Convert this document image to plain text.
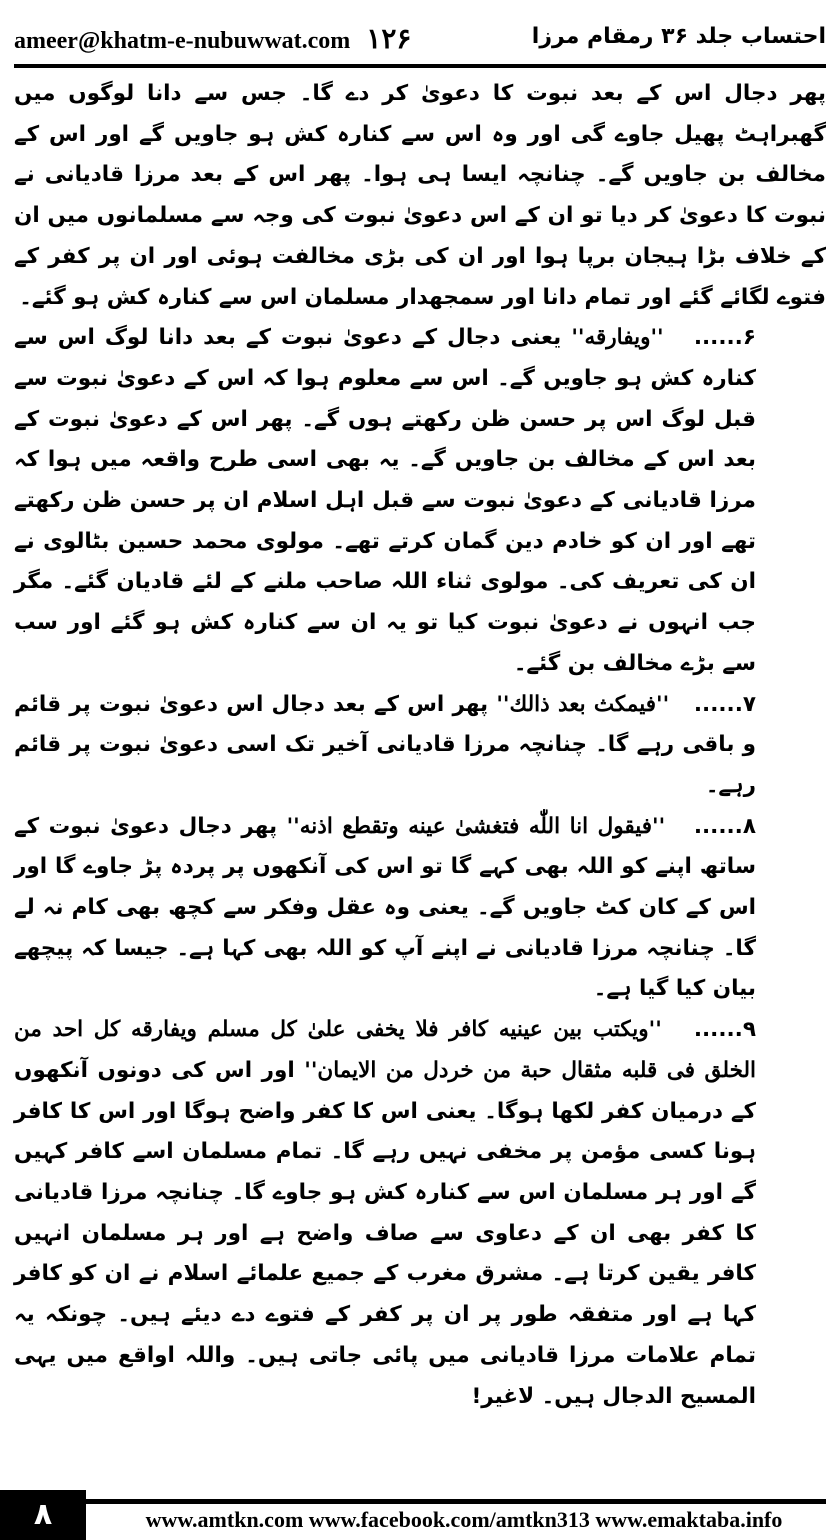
ameer@khatm-e-nubuwwat.com ۱۲۶	احتساب جلد ۳۶ رمقام مرزا

پھر دجال اس کے بعد نبوت کا دعویٰ کر دے گا۔ جس سے دانا لوگوں میں گھبراہٹ پھیل جاوے گی اور وہ اس سے کنارہ کش ہو جاویں گے اور اس کے مخالف بن جاویں گے۔ چنانچہ ایسا ہی ہوا۔ پھر اس کے بعد مرزا قادیانی نے نبوت کا دعویٰ کر دیا تو ان کے اس دعویٰ نبوت کی وجہ سے مسلمانوں میں ان کے خلاف بڑا ہیجان برپا ہوا اور ان کی بڑی مخالفت ہوئی اور ان پر کفر کے فتوے لگائے گئے اور تمام دانا اور سمجھدار مسلمان اس سے کنارہ کش ہو گئے۔

۶......   ''ویفارقه'' یعنی دجال کے دعویٰ نبوت کے بعد دانا لوگ اس سے کنارہ کش ہو جاویں گے۔ اس سے معلوم ہوا کہ اس کے دعویٰ نبوت سے قبل لوگ اس پر حسن ظن رکھتے ہوں گے۔ پھر اس کے دعویٰ نبوت کے بعد اس کے مخالف بن جاویں گے۔ یہ بھی اسی طرح واقعہ میں ہوا کہ مرزا قادیانی کے دعویٰ نبوت سے قبل اہل اسلام ان پر حسن ظن رکھتے تھے اور ان کو خادم دین گمان کرتے تھے۔ مولوی محمد حسین بٹالوی نے ان کی تعریف کی۔ مولوی ثناء اللہ صاحب ملنے کے لئے قادیان گئے۔ مگر جب انہوں نے دعویٰ نبوت کیا تو یہ ان سے کنارہ کش ہو گئے اور سب سے بڑے مخالف بن گئے۔

۷......   ''فیمکث بعد ذالك'' پھر اس کے بعد دجال اس دعویٰ نبوت پر قائم و باقی رہے گا۔ چنانچہ مرزا قادیانی آخیر تک اسی دعویٰ نبوت پر قائم رہے۔

۸......   ''فیقول انا اللّٰه فتغشیٰ عینه وتقطع اذنه'' پھر دجال دعویٰ نبوت کے ساتھ اپنے کو اللہ بھی کہے گا تو اس کی آنکھوں پر پردہ پڑ جاوے گا اور اس کے کان کٹ جاویں گے۔ یعنی وہ عقل وفکر سے کچھ بھی کام نہ لے گا۔ چنانچہ مرزا قادیانی نے اپنے آپ کو اللہ بھی کہا ہے۔ جیسا کہ پیچھے بیان کیا گیا ہے۔

۹......   ''ویکتب بین عینیه کافر فلا یخفی علیٰ کل مسلم ویفارقه کل احد من الخلق فی قلبه مثقال حبة من خردل من الایمان'' اور اس کی دونوں آنکھوں کے درمیان کفر لکھا ہوگا۔ یعنی اس کا کفر واضح ہوگا اور اس کا کافر ہونا کسی مؤمن پر مخفی نہیں رہے گا۔ تمام مسلمان اسے کافر کہیں گے اور ہر مسلمان اس سے کنارہ کش ہو جاوے گا۔ چنانچہ مرزا قادیانی کا کفر بھی ان کے دعاوی سے صاف واضح ہے اور ہر مسلمان انہیں کافر یقین کرتا ہے۔ مشرق مغرب کے جمیع علمائے اسلام نے ان کو کافر کہا ہے اور متفقہ طور پر ان پر کفر کے فتوے دے دیئے ہیں۔ چونکہ یہ تمام علامات مرزا قادیانی میں پائی جاتی ہیں۔ واللہ اواقع میں یہی المسیح الدجال ہیں۔ لاغیر!

۸	www.amtkn.com www.facebook.com/amtkn313 www.emaktaba.info
